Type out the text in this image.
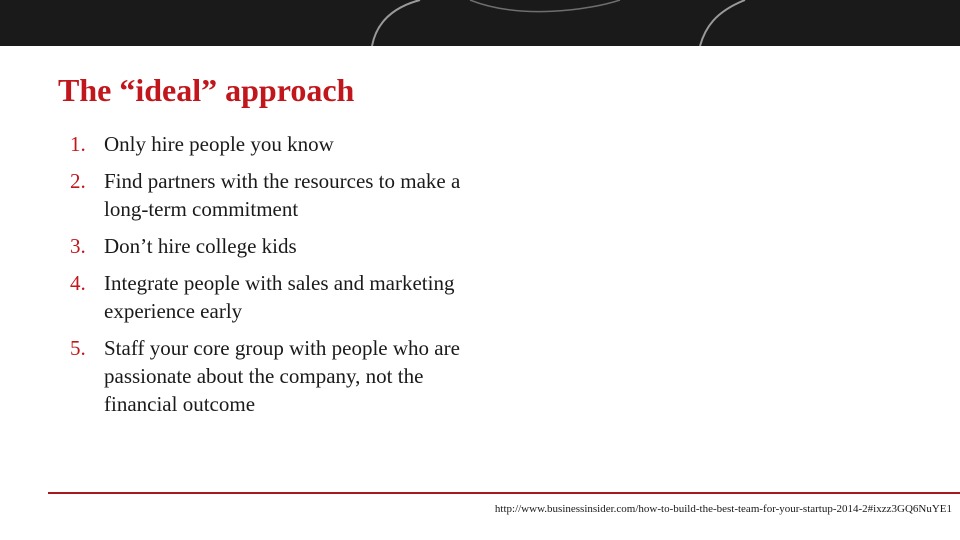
The “ideal” approach
1. Only hire people you know
2. Find partners with the resources to make a long-term commitment
3. Don’t hire college kids
4. Integrate people with sales and marketing experience early
5. Staff your core group with people who are passionate about the company, not the financial outcome
http://www.businessinsider.com/how-to-build-the-best-team-for-your-startup-2014-2#ixzz3GQ6NuYE1
